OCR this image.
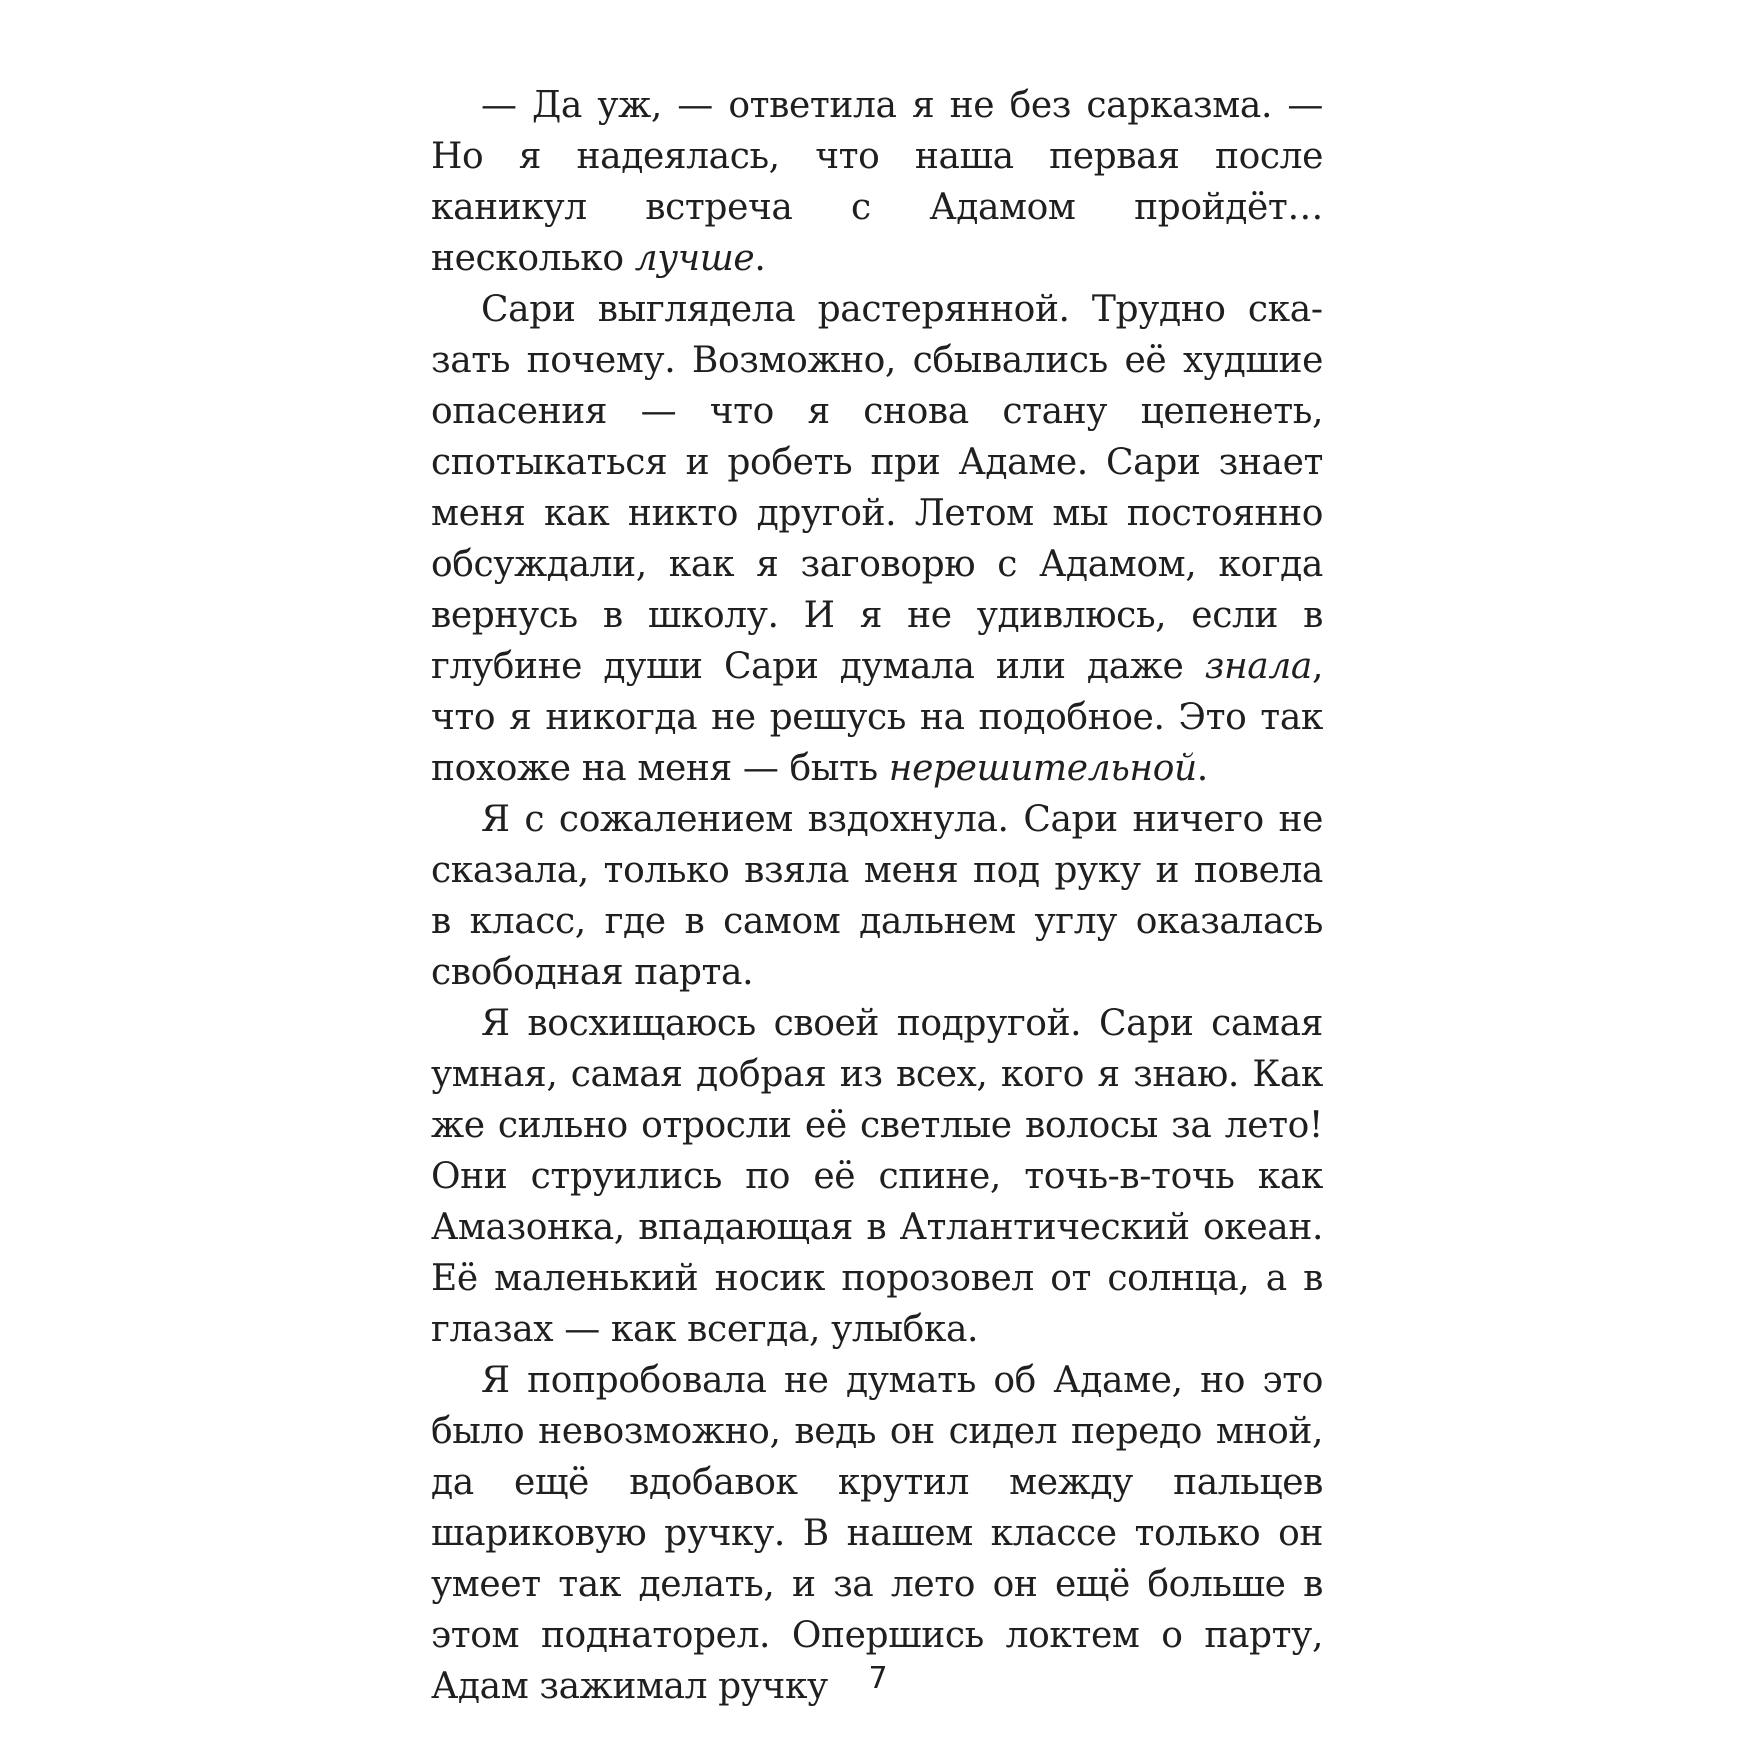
— Да уж, — ответила я не без сарказма. — Но я надеялась, что наша первая после каникул встреча с Адамом пройдёт… несколько лучше.

Сари выглядела растерянной. Трудно сказать почему. Возможно, сбывались её худшие опасения — что я снова стану цепенеть, спотыкаться и робеть при Адаме. Сари знает меня как никто другой. Летом мы постоянно обсуждали, как я заговорю с Адамом, когда вернусь в школу. И я не удивлюсь, если в глубине души Сари думала или даже знала, что я никогда не решусь на подобное. Это так похоже на меня — быть нерешительной.

Я с сожалением вздохнула. Сари ничего не сказала, только взяла меня под руку и повела в класс, где в самом дальнем углу оказалась свободная парта.

Я восхищаюсь своей подругой. Сари самая умная, самая добрая из всех, кого я знаю. Как же сильно отросли её светлые волосы за лето! Они струились по её спине, точь-в-точь как Амазонка, впадающая в Атлантический океан. Её маленький носик порозовел от солнца, а в глазах — как всегда, улыбка.

Я попробовала не думать об Адаме, но это было невозможно, ведь он сидел передо мной, да ещё вдобавок крутил между пальцев шариковую ручку. В нашем классе только он умеет так делать, и за лето он ещё больше в этом поднаторел. Опершись локтем о парту, Адам зажимал ручку	7
